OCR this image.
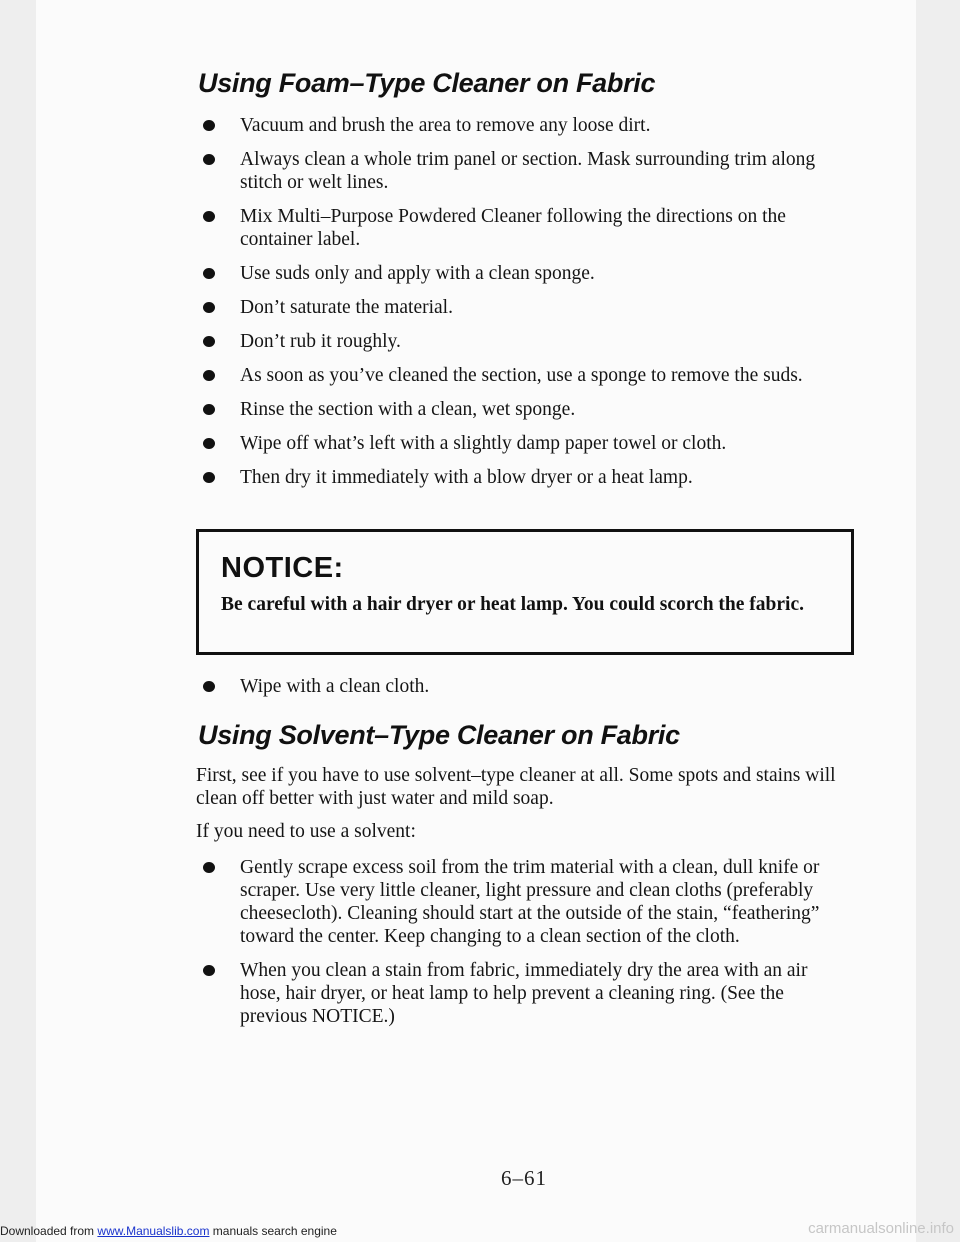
Using Foam–Type Cleaner on Fabric
Vacuum and brush the area to remove any loose dirt.
Always clean a whole trim panel or section. Mask surrounding trim along stitch or welt lines.
Mix Multi–Purpose Powdered Cleaner following the directions on the container label.
Use suds only and apply with a clean sponge.
Don’t saturate the material.
Don’t rub it roughly.
As soon as you’ve cleaned the section, use a sponge to remove the suds.
Rinse the section with a clean, wet sponge.
Wipe off what’s left with a slightly damp paper towel or cloth.
Then dry it immediately with a blow dryer or a heat lamp.
NOTICE:
Be careful with a hair dryer or heat lamp. You could scorch the fabric.
Wipe with a clean cloth.
Using Solvent–Type Cleaner on Fabric

First, see if you have to use solvent–type cleaner at all. Some spots and stains will clean off better with just water and mild soap.

If you need to use a solvent:

Gently scrape excess soil from the trim material with a clean, dull knife or scraper. Use very little cleaner, light pressure and clean cloths (preferably cheesecloth). Cleaning should start at the outside of the stain, “feathering” toward the center. Keep changing to a clean section of the cloth.
When you clean a stain from fabric, immediately dry the area with an air hose, hair dryer, or heat lamp to help prevent a cleaning ring. (See the previous NOTICE.)
6–61
Downloaded from www.Manualslib.com manuals search engine	carmanualsonline.info
